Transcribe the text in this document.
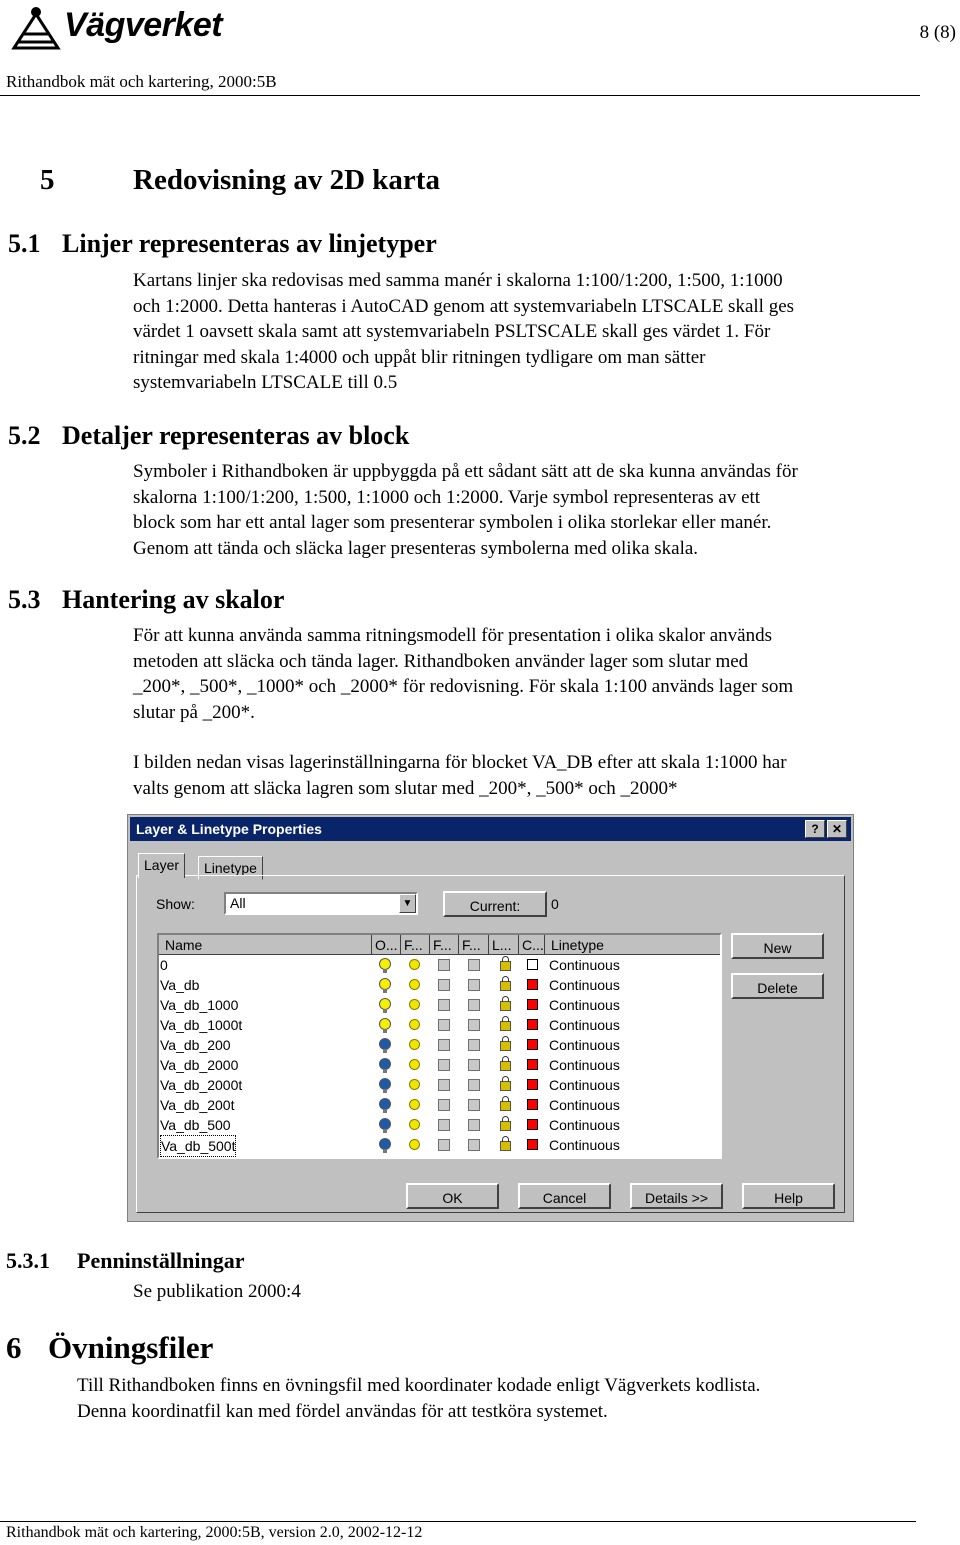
Vägverket	8 (8)
Rithandbok mät och kartering, 2000:5B
5	Redovisning av 2D karta
5.1 Linjer representeras av linjetyper
Kartans linjer ska redovisas med samma manér i skalorna 1:100/1:200, 1:500, 1:1000
och 1:2000. Detta hanteras i AutoCAD genom att systemvariabeln LTSCALE skall ges
värdet 1 oavsett skala samt att systemvariabeln PSLTSCALE skall ges värdet 1. För
ritningar med skala 1:4000 och uppåt blir ritningen tydligare om man sätter
systemvariabeln LTSCALE till 0.5
5.2 Detaljer representeras av block
Symboler i Rithandboken är uppbyggda på ett sådant sätt att de ska kunna användas för
skalorna 1:100/1:200, 1:500, 1:1000 och 1:2000. Varje symbol representeras av ett
block som har ett antal lager som presenterar symbolen i olika storlekar eller manér.
Genom att tända och släcka lager presenteras symbolerna med olika skala.
5.3 Hantering av skalor
För att kunna använda samma ritningsmodell för presentation i olika skalor används
metoden att släcka och tända lager. Rithandboken använder lager som slutar med
_200*, _500*, _1000* och _2000* för redovisning. För skala 1:100 används lager som
slutar på _200*.
I bilden nedan visas lagerinställningarna för blocket VA_DB efter att skala 1:1000 har
valts genom att släcka lagren som slutar med _200*, _500* och _2000*
Layer & Linetype Properties	?	✕
Layer	Linetype
Show:	All	▼	Current:	0
Name	O... F... F... F... L... C... Linetype
0	Continuous
Va_db	Continuous
Va_db_1000	Continuous
Va_db_1000t	Continuous
Va_db_200	Continuous
Va_db_2000	Continuous
Va_db_2000t	Continuous
Va_db_200t	Continuous
Va_db_500	Continuous
Va_db_500t	Continuous
New
Delete
OK	Cancel	Details >>	Help
5.3.1 Penninställningar
Se publikation 2000:4
6 Övningsfiler
Till Rithandboken finns en övningsfil med koordinater kodade enligt Vägverkets kodlista.
Denna koordinatfil kan med fördel användas för att testköra systemet.
Rithandbok mät och kartering, 2000:5B, version 2.0, 2002-12-12
